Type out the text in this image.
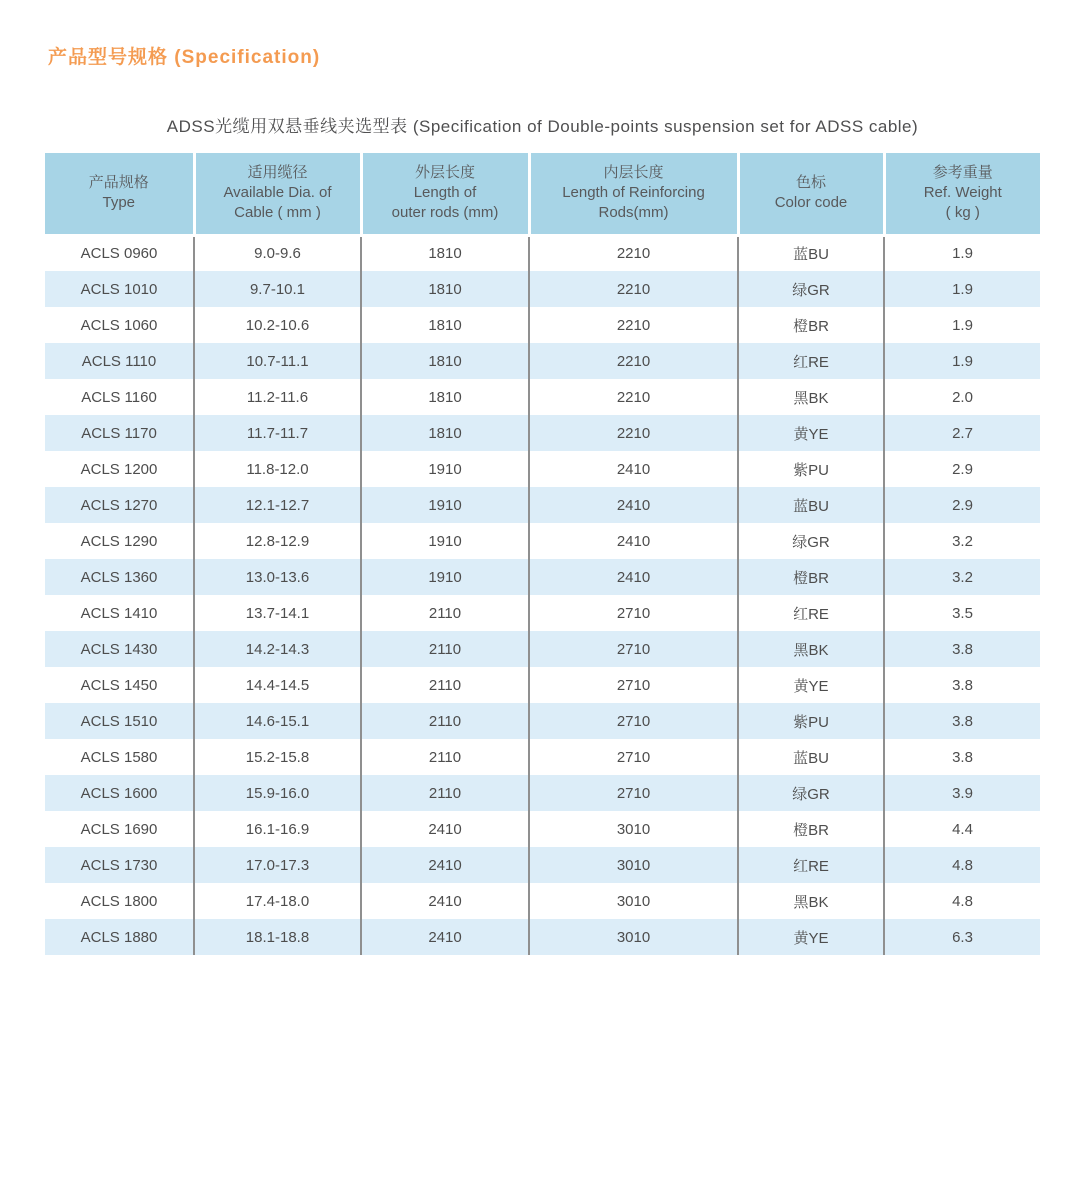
产品型号规格 (Specification)
ADSS光缆用双悬垂线夹选型表 (Specification of Double-points suspension set for ADSS cable)
产品规格
Type

适用缆径
Available Dia. of
Cable ( mm )

外层长度
Length of
outer rods (mm)

内层长度
Length of Reinforcing
Rods(mm)

色标
Color code

参考重量
Ref. Weight
( kg )

ACLS 0960	9.0-9.6	1810	2210	蓝BU	1.9
ACLS 1010	9.7-10.1	1810	2210	绿GR	1.9
ACLS 1060	10.2-10.6	1810	2210	橙BR	1.9
ACLS 1110	10.7-11.1	1810	2210	红RE	1.9
ACLS 1160	11.2-11.6	1810	2210	黑BK	2.0
ACLS 1170	11.7-11.7	1810	2210	黄YE	2.7
ACLS 1200	11.8-12.0	1910	2410	紫PU	2.9
ACLS 1270	12.1-12.7	1910	2410	蓝BU	2.9
ACLS 1290	12.8-12.9	1910	2410	绿GR	3.2
ACLS 1360	13.0-13.6	1910	2410	橙BR	3.2
ACLS 1410	13.7-14.1	2110	2710	红RE	3.5
ACLS 1430	14.2-14.3	2110	2710	黑BK	3.8
ACLS 1450	14.4-14.5	2110	2710	黄YE	3.8
ACLS 1510	14.6-15.1	2110	2710	紫PU	3.8
ACLS 1580	15.2-15.8	2110	2710	蓝BU	3.8
ACLS 1600	15.9-16.0	2110	2710	绿GR	3.9
ACLS 1690	16.1-16.9	2410	3010	橙BR	4.4
ACLS 1730	17.0-17.3	2410	3010	红RE	4.8
ACLS 1800	17.4-18.0	2410	3010	黑BK	4.8
ACLS 1880	18.1-18.8	2410	3010	黄YE	6.3
